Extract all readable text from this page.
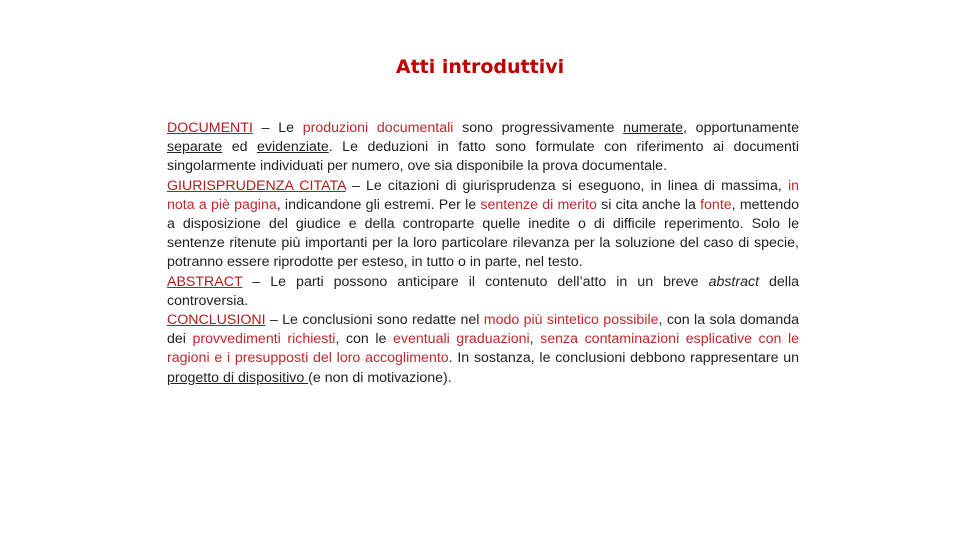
Atti introduttivi

DOCUMENTI – Le produzioni documentali sono progressivamente numerate, opportunamente separate ed evidenziate. Le deduzioni in fatto sono formulate con riferimento ai documenti singolarmente individuati per numero, ove sia disponibile la prova documentale.

GIURISPRUDENZA CITATA – Le citazioni di giurisprudenza si eseguono, in linea di massima, in nota a piè pagina, indicandone gli estremi. Per le sentenze di merito si cita anche la fonte, mettendo a disposizione del giudice e della controparte quelle inedite o di difficile reperimento. Solo le sentenze ritenute più importanti per la loro particolare rilevanza per la soluzione del caso di specie, potranno essere riprodotte per esteso, in tutto o in parte, nel testo.

ABSTRACT – Le parti possono anticipare il contenuto dell’atto in un breve abstract della controversia.

CONCLUSIONI – Le conclusioni sono redatte nel modo più sintetico possibile, con la sola domanda dei provvedimenti richiesti, con le eventuali graduazioni, senza contaminazioni esplicative con le ragioni e i presupposti del loro accoglimento. In sostanza, le conclusioni debbono rappresentare un progetto di dispositivo (e non di motivazione).
